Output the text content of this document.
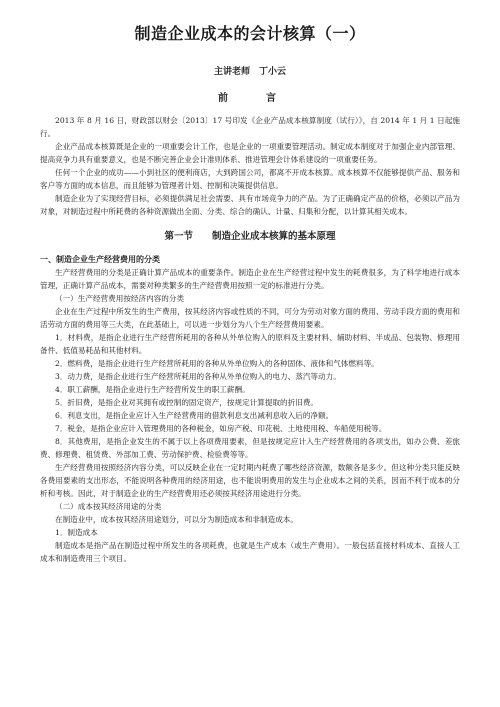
制造企业成本的会计核算（一）
主讲老师　丁小云
前　　言

2013 年 8 月 16 日，财政部以财会〔2013〕17 号印发《企业产品成本核算制度（试行）》，自 2014 年 1 月 1 日起施行。

企业产品成本核算既是企业的一项重要会计工作，也是企业的一项重要管理活动。制定成本制度对于加强企业内部管理、提高竞争力具有重要意义，也是不断完善企业会计准则体系、推进管理会计体系建设的一项重要任务。

任何一个企业的成功——小到社区的便利商店，大到跨国公司，都离不开成本核算。成本核算不仅能够提供产品、服务和客户等方面的成本信息，而且能够为管理者计划、控制和决策提供信息。

制造企业为了实现经营目标，必须提供满足社会需要、具有市场竞争力的产品。为了正确确定产品的价格，必须以产品为对象，对制造过程中所耗费的各种资源做出全面、分类、综合的确认、计量、归集和分配，以计算其相关成本。

第一节　　制造企业成本核算的基本原理

一、制造企业生产经营费用的分类

生产经营费用的分类是正确计算产品成本的重要条件。制造企业在生产经营过程中发生的耗费很多，为了科学地进行成本管理，正确计算产品成本，需要对种类繁多的生产经营费用按照一定的标准进行分类。

（一）生产经营费用按经济内容的分类

企业在生产过程中所发生的生产费用，按其经济内容或性质的不同，可分为劳动对象方面的费用、劳动手段方面的费用和活劳动方面的费用等三大类，在此基础上，可以进一步划分为八个生产经营费用要素。

1．材料费，是指企业进行生产经营所耗用的各种从外单位购入的原料及主要材料、辅助材料、半成品、包装物、修理用备件、低值易耗品和其他材料。

2．燃料费，是指企业进行生产经营所耗用的各种从外单位购入的各种固体、液体和气体燃料等。

3．动力费，是指企业进行生产经营所耗用的各种从外单位购入的电力、蒸汽等动力。

4．职工薪酬，是指企业进行生产经营所发生的职工薪酬。

5．折旧费，是指企业对其拥有或控制的固定资产，按规定计算提取的折旧费。

6．利息支出，是指企业应计入生产经营费用的借款利息支出减利息收入后的净额。

7．税金，是指企业应计入管理费用的各种税金，如房产税、印花税、土地使用税、车船使用税等。

8．其他费用，是指企业发生的不属于以上各项费用要素，但是按规定应计入生产经营费用的各项支出，如办公费、差旅费、修理费、租赁费、外部加工费、劳动保护费、检验费等等。

生产经营费用按照经济内容分类，可以反映企业在一定时期内耗费了哪些经济资源，数额各是多少。但这种分类只能反映各费用要素的支出形态，不能说明各种费用的经济用途，也不能说明费用的发生与企业成本之间的关系，因而不利于成本的分析和考核。因此，对于制造企业的生产经营费用还必须按其经济用途进行分类。

（二）成本按其经济用途的分类

在制造业中，成本按其经济用途划分，可以分为制造成本和非制造成本。

1．制造成本

制造成本是指产品在制造过程中所发生的各项耗费，也就是生产成本（或生产费用）。一般包括直接材料成本、直接人工成本和制造费用三个项目。
